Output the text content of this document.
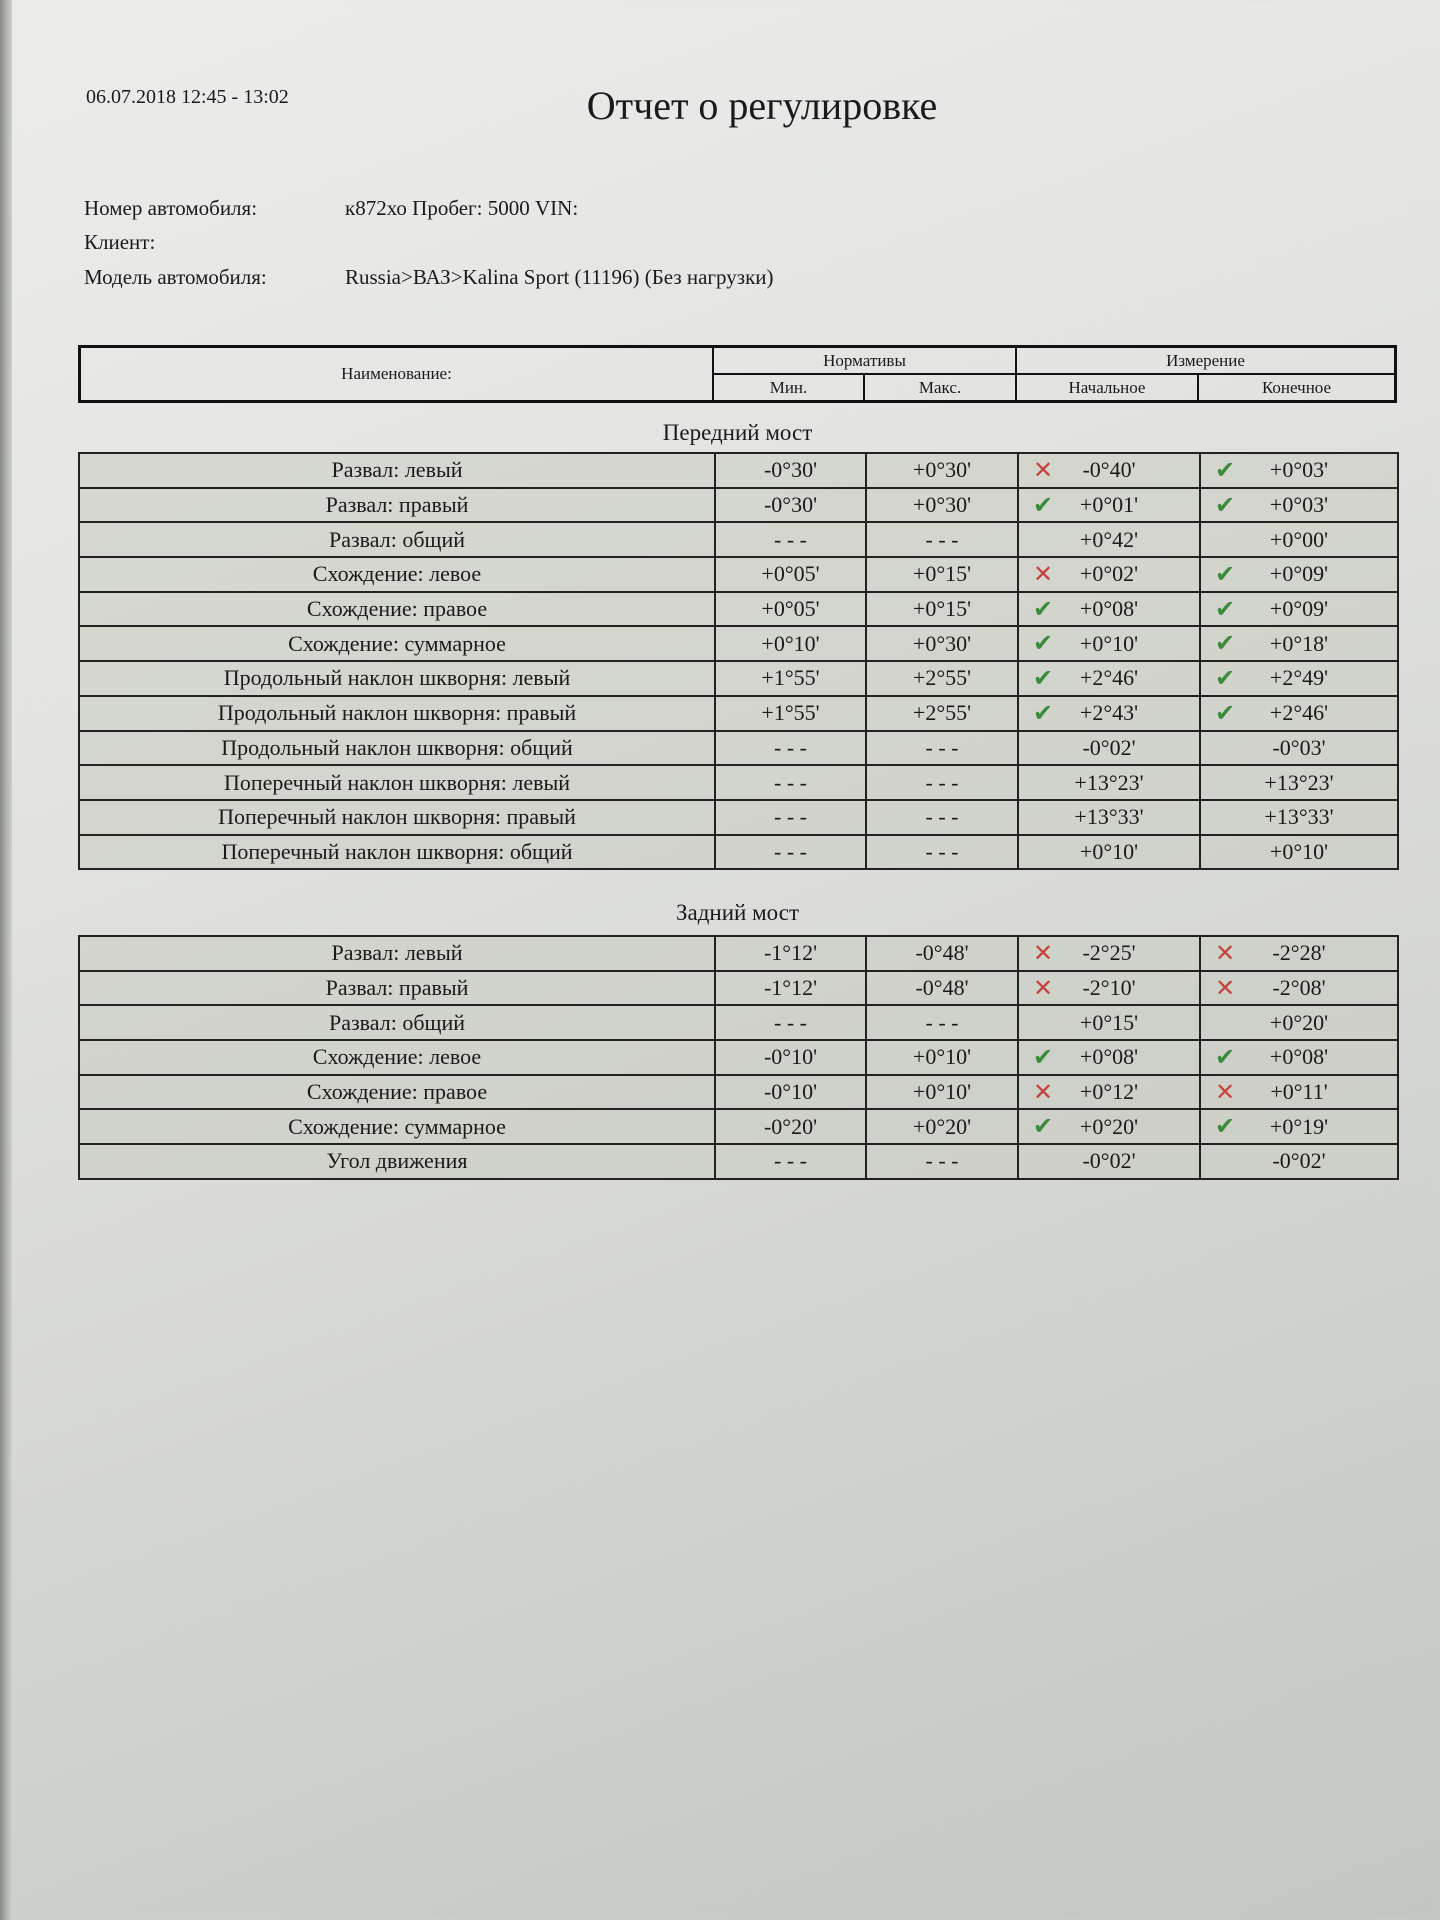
06.07.2018 12:45 - 13:02	Отчет о регулировке
Номер автомобиля:	к872хо Пробег: 5000 VIN:
Клиент:
Модель автомобиля:	Russia>ВАЗ>Kalina Sport (11196) (Без нагрузки)
Наименование:
Нормативы	Измерение
Мин.	Макс.	Начальное	Конечное
Передний мост
Развал: левый	-0°30'	+0°30'	✕ -0°40'	✔ +0°03'
Развал: правый	-0°30'	+0°30'	✔ +0°01'	✔ +0°03'
Развал: общий	- - -	- - -	+0°42'	+0°00'
Схождение: левое	+0°05'	+0°15'	✕ +0°02'	✔ +0°09'
Схождение: правое	+0°05'	+0°15'	✔ +0°08'	✔ +0°09'
Схождение: суммарное	+0°10'	+0°30'	✔ +0°10'	✔ +0°18'
Продольный наклон шкворня: левый	+1°55'	+2°55'	✔ +2°46'	✔ +2°49'
Продольный наклон шкворня: правый	+1°55'	+2°55'	✔ +2°43'	✔ +2°46'
Продольный наклон шкворня: общий	- - -	- - -	-0°02'	-0°03'
Поперечный наклон шкворня: левый	- - -	- - -	+13°23'	+13°23'
Поперечный наклон шкворня: правый	- - -	- - -	+13°33'	+13°33'
Поперечный наклон шкворня: общий	- - -	- - -	+0°10'	+0°10'
Задний мост
Развал: левый	-1°12'	-0°48'	✕ -2°25'	✕ -2°28'
Развал: правый	-1°12'	-0°48'	✕ -2°10'	✕ -2°08'
Развал: общий	- - -	- - -	+0°15'	+0°20'
Схождение: левое	-0°10'	+0°10'	✔ +0°08'	✔ +0°08'
Схождение: правое	-0°10'	+0°10'	✕ +0°12'	✕ +0°11'
Схождение: суммарное	-0°20'	+0°20'	✔ +0°20'	✔ +0°19'
Угол движения	- - -	- - -	-0°02'	-0°02'
